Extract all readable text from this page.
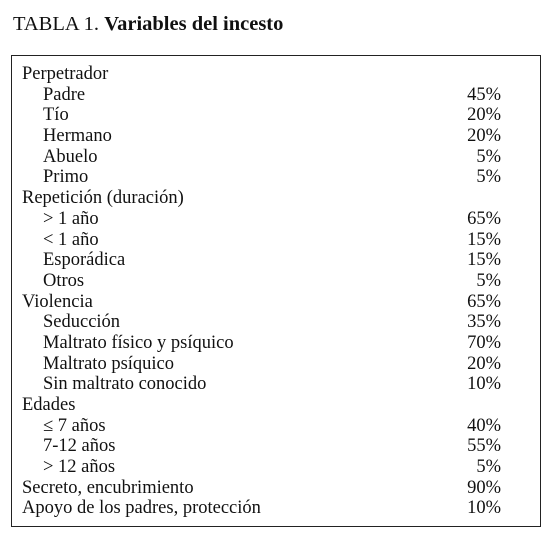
TABLA 1. Variables del incesto
Perpetrador
Padre	45%
Tío	20%
Hermano	20%
Abuelo	5%
Primo	5%
Repetición (duración)
> 1 año	65%
< 1 año	15%
Esporádica	15%
Otros	5%
Violencia	65%
Seducción	35%
Maltrato físico y psíquico	70%
Maltrato psíquico	20%
Sin maltrato conocido	10%
Edades
≤ 7 años	40%
7-12 años	55%
> 12 años	5%
Secreto, encubrimiento	90%
Apoyo de los padres, protección	10%
